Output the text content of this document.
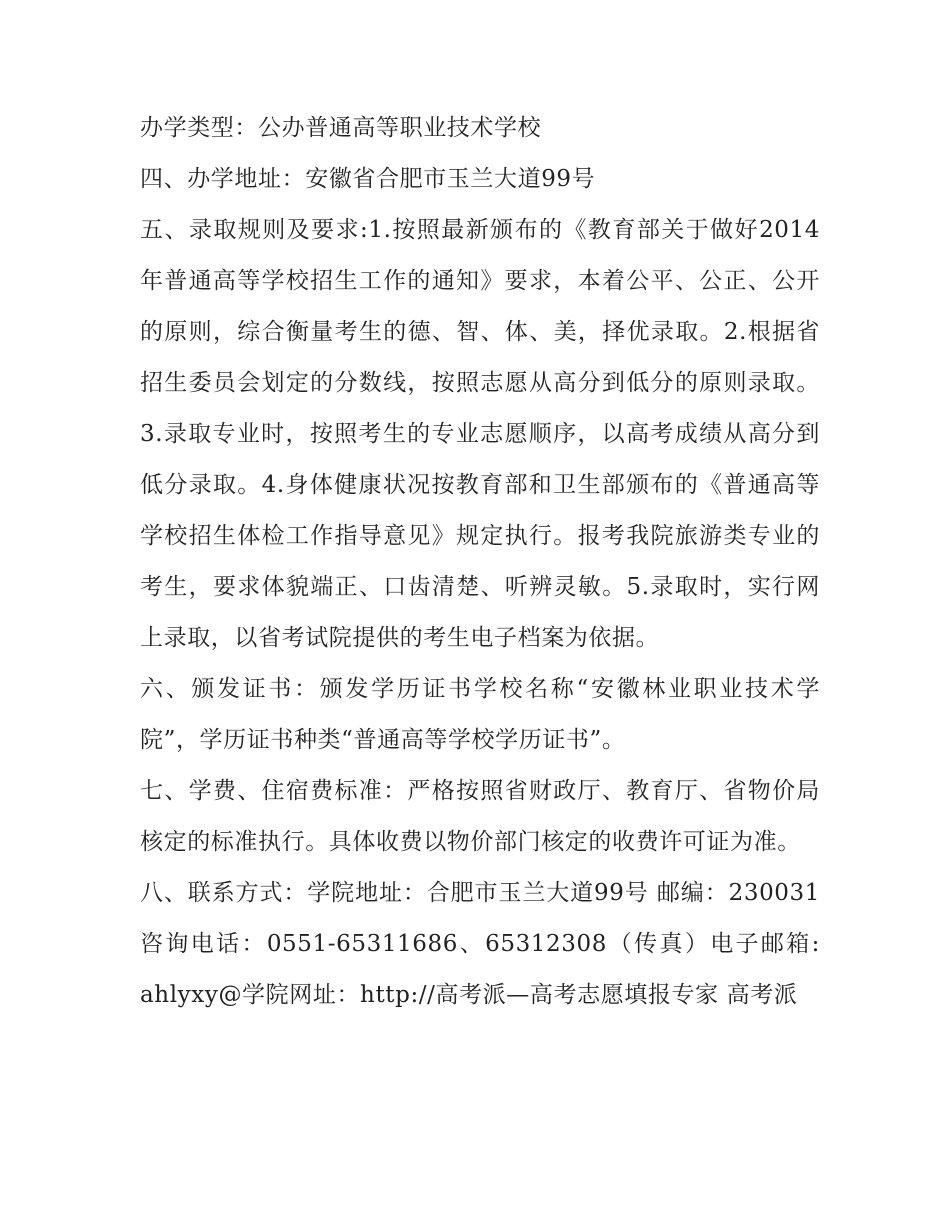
办学类型：公办普通高等职业技术学校

四、办学地址：安徽省合肥市玉兰大道99号

五、录取规则及要求:1.按照最新颁布的《教育部关于做好2014年普通高等学校招生工作的通知》要求，本着公平、公正、公开的原则，综合衡量考生的德、智、体、美，择优录取。2.根据省招生委员会划定的分数线，按照志愿从高分到低分的原则录取。3.录取专业时，按照考生的专业志愿顺序，以高考成绩从高分到低分录取。4.身体健康状况按教育部和卫生部颁布的《普通高等学校招生体检工作指导意见》规定执行。报考我院旅游类专业的考生，要求体貌端正、口齿清楚、听辨灵敏。5.录取时，实行网上录取，以省考试院提供的考生电子档案为依据。

六、颁发证书：颁发学历证书学校名称“安徽林业职业技术学院”，学历证书种类“普通高等学校学历证书”。

七、学费、住宿费标准：严格按照省财政厅、教育厅、省物价局核定的标准执行。具体收费以物价部门核定的收费许可证为准。

八、联系方式：学院地址：合肥市玉兰大道99号 邮编：230031咨询电话：0551-65311686、65312308（传真）电子邮箱: ahlyxy@学院网址：http://高考派—高考志愿填报专家 高考派
